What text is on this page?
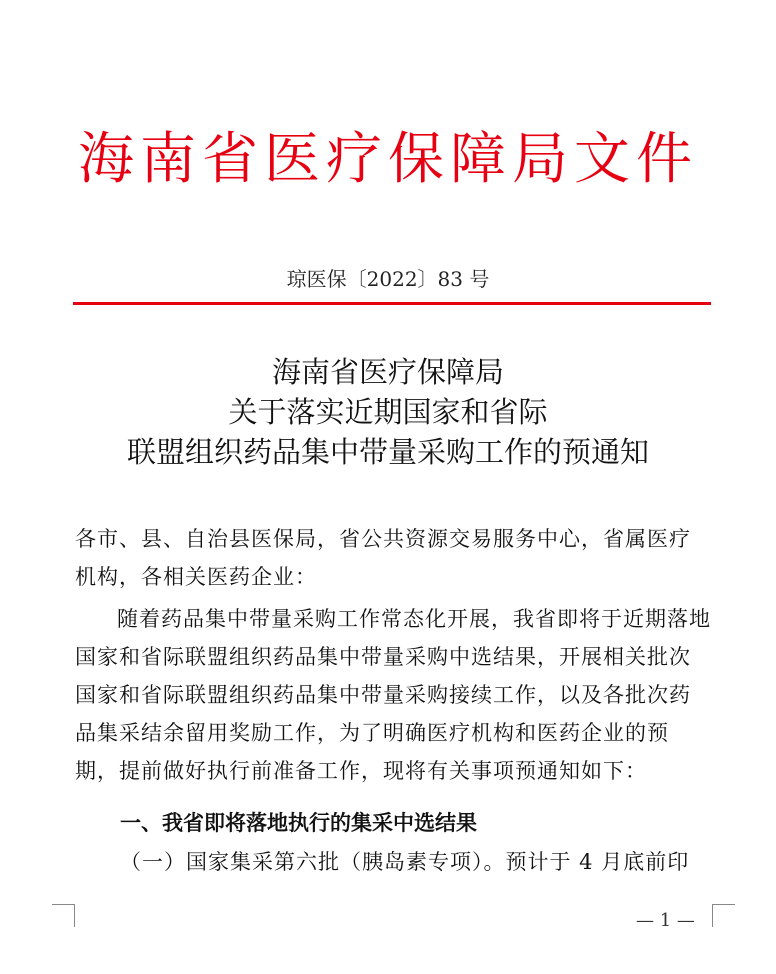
海南省医疗保障局文件
琼医保〔2022〕83 号
海南省医疗保障局
关于落实近期国家和省际
联盟组织药品集中带量采购工作的预通知
各市、县、自治县医保局，省公共资源交易服务中心，省属医疗机构，各相关医药企业：
随着药品集中带量采购工作常态化开展，我省即将于近期落地国家和省际联盟组织药品集中带量采购中选结果，开展相关批次国家和省际联盟组织药品集中带量采购接续工作，以及各批次药品集采结余留用奖励工作，为了明确医疗机构和医药企业的预期，提前做好执行前准备工作，现将有关事项预通知如下：
一、我省即将落地执行的集采中选结果
（一）国家集采第六批（胰岛素专项）。预计于 4 月底前印
— 1 —
